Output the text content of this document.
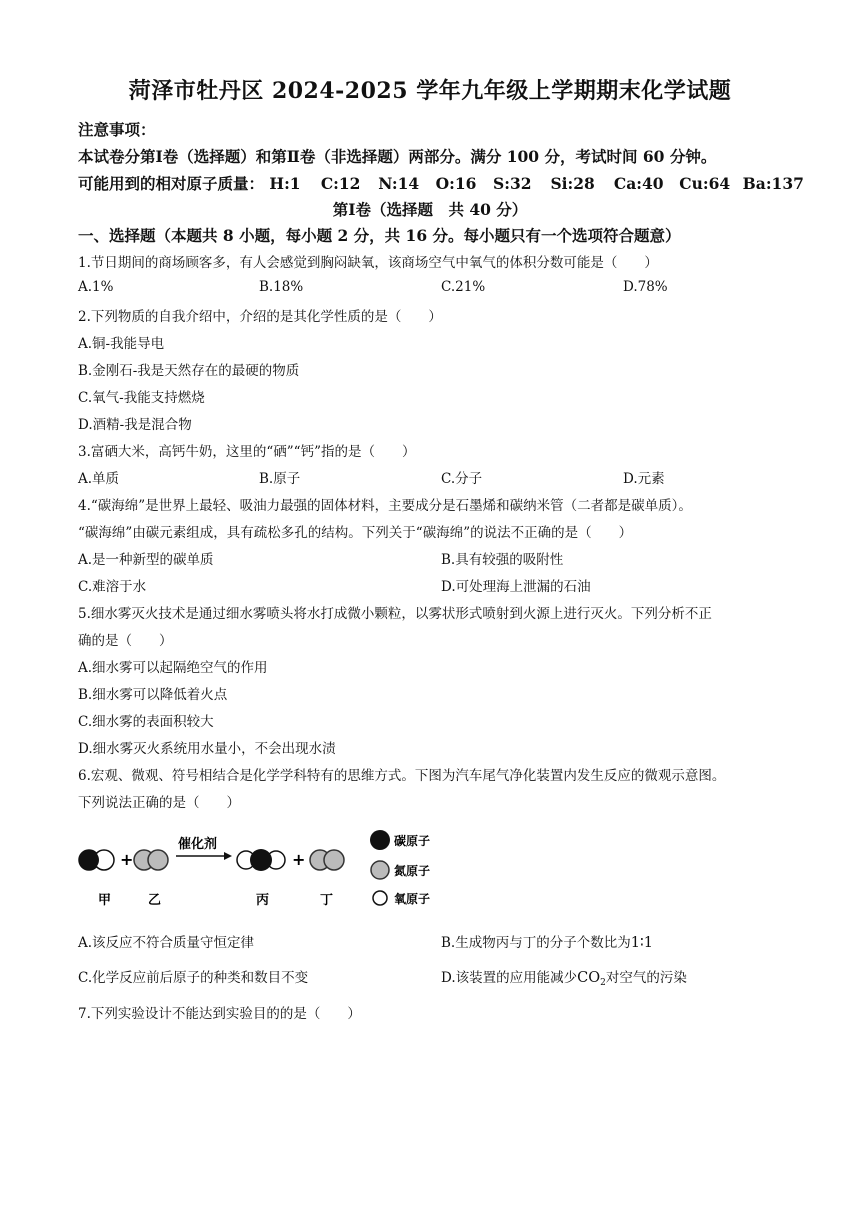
菏泽市牡丹区 2024-2025 学年九年级上学期期末化学试题
注意事项：
本试卷分第Ⅰ卷（选择题）和第Ⅱ卷（非选择题）两部分。满分 100 分，考试时间 60 分钟。
可能用到的相对原子质量： H:1 C:12 N:14 O:16 S:32 Si:28 Ca:40 Cu:64 Ba:137
第Ⅰ卷（选择题　共 40 分）
一、选择题（本题共 8 小题，每小题 2 分，共 16 分。每小题只有一个选项符合题意）
1.节日期间的商场顾客多，有人会感觉到胸闷缺氧，该商场空气中氧气的体积分数可能是（　　）
A.1%	B.18%	C.21%	D.78%
2.下列物质的自我介绍中，介绍的是其化学性质的是（　　）
A.铜-我能导电
B.金刚石-我是天然存在的最硬的物质
C.氧气-我能支持燃烧
D.酒精-我是混合物
3.富硒大米，高钙牛奶，这里的“硒”“钙”指的是（　　）
A.单质	B.原子	C.分子	D.元素
4.“碳海绵”是世界上最轻、吸油力最强的固体材料，主要成分是石墨烯和碳纳米管（二者都是碳单质）。
“碳海绵”由碳元素组成，具有疏松多孔的结构。下列关于“碳海绵”的说法不正确的是（　　）
A.是一种新型的碳单质	B.具有较强的吸附性
C.难溶于水	D.可处理海上泄漏的石油
5.细水雾灭火技术是通过细水雾喷头将水打成微小颗粒，以雾状形式喷射到火源上进行灭火。下列分析不正
确的是（　　）
A.细水雾可以起隔绝空气的作用
B.细水雾可以降低着火点
C.细水雾的表面积较大
D.细水雾灭火系统用水量小，不会出现水渍
6.宏观、微观、符号相结合是化学学科特有的思维方式。下图为汽车尾气净化装置内发生反应的微观示意图。
下列说法正确的是（　　）
+
催化剂
+
甲	乙	丙	丁
碳原子
氮原子
氧原子
A.该反应不符合质量守恒定律	B.生成物丙与丁的分子个数比为1∶1
C.化学反应前后原子的种类和数目不变	D.该装置的应用能减少$CO_2$对空气的污染
7.下列实验设计不能达到实验目的的是（　　）
